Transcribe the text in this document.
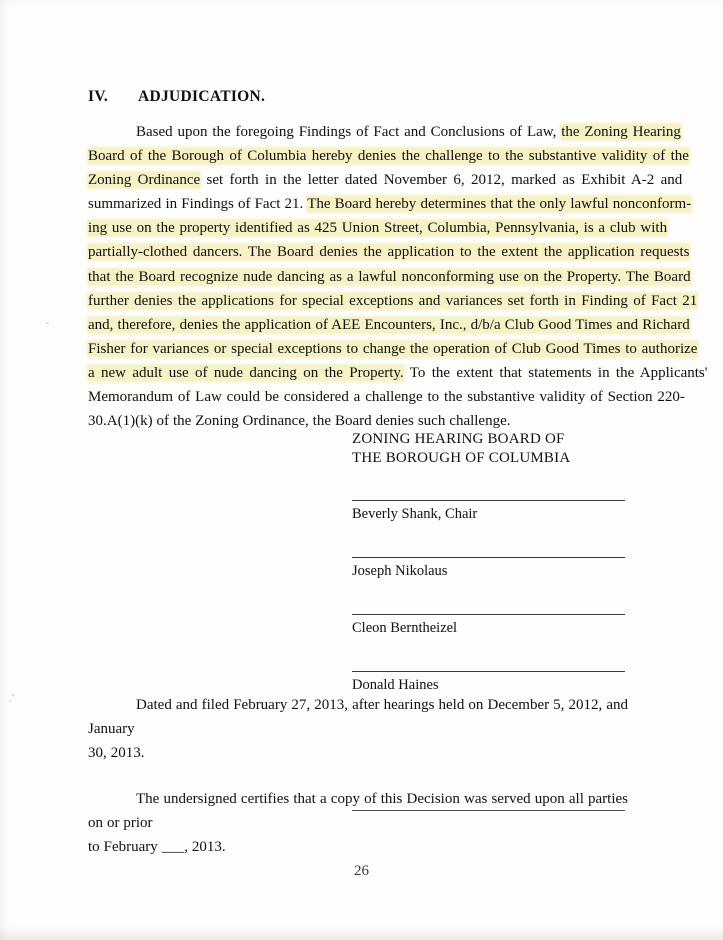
IV.	ADJUDICATION.
Based upon the foregoing Findings of Fact and Conclusions of Law, the Zoning Hearing
Board of the Borough of Columbia hereby denies the challenge to the substantive validity of the
Zoning Ordinance set forth in the letter dated November 6, 2012, marked as Exhibit A-2 and
summarized in Findings of Fact 21. The Board hereby determines that the only lawful nonconform-
ing use on the property identified as 425 Union Street, Columbia, Pennsylvania, is a club with
partially-clothed dancers. The Board denies the application to the extent the application requests
that the Board recognize nude dancing as a lawful nonconforming use on the Property. The Board
further denies the applications for special exceptions and variances set forth in Finding of Fact 21
and, therefore, denies the application of AEE Encounters, Inc., d/b/a Club Good Times and Richard
Fisher for variances or special exceptions to change the operation of Club Good Times to authorize
a new adult use of nude dancing on the Property. To the extent that statements in the Applicants'
Memorandum of Law could be considered a challenge to the substantive validity of Section 220-
30.A(1)(k) of the Zoning Ordinance, the Board denies such challenge.
ZONING HEARING BOARD OF
THE BOROUGH OF COLUMBIA
Beverly Shank, Chair
Joseph Nikolaus
Cleon Berntheizel
Donald Haines
Dated and filed February 27, 2013, after hearings held on December 5, 2012, and January
30, 2013.
The undersigned certifies that a copy of this Decision was served upon all parties on or prior
to February ___, 2013.
26
